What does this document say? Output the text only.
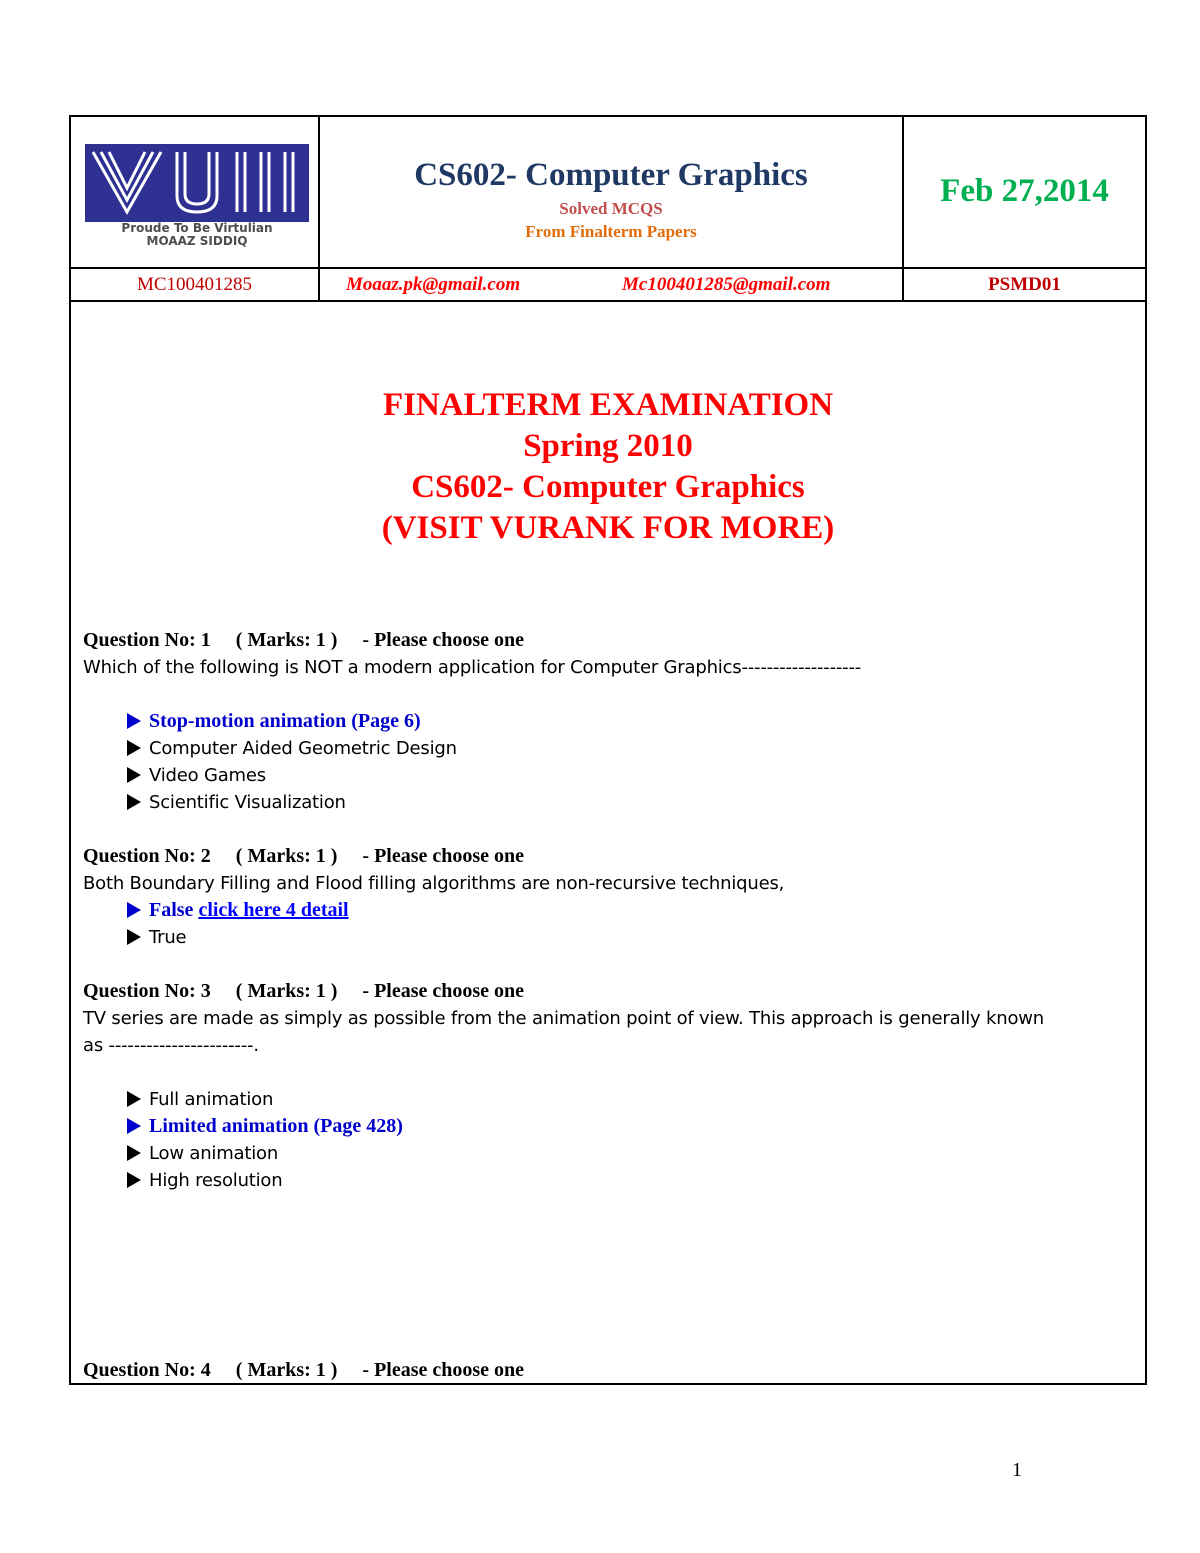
Proude To Be Virtulian
MOAAZ SIDDIQ
CS602- Computer Graphics
Solved MCQS
From Finalterm Papers
Feb 27,2014
MC100401285	Moaaz.pk@gmail.com	Mc100401285@gmail.com	PSMD01
FINALTERM EXAMINATION
Spring 2010
CS602- Computer Graphics
(VISIT VURANK FOR MORE)
Question No: 1     ( Marks: 1 )     - Please choose one
Which of the following is NOT a modern application for Computer Graphics-------------------
Stop-motion animation (Page 6)
Computer Aided Geometric Design
Video Games
Scientific Visualization
Question No: 2     ( Marks: 1 )     - Please choose one
Both Boundary Filling and Flood filling algorithms are non-recursive techniques,
False click here 4 detail
True
Question No: 3     ( Marks: 1 )     - Please choose one
TV series are made as simply as possible from the animation point of view. This approach is generally known
as -----------------------.
Full animation
Limited animation (Page 428)
Low animation
High resolution
Question No: 4     ( Marks: 1 )     - Please choose one
1
